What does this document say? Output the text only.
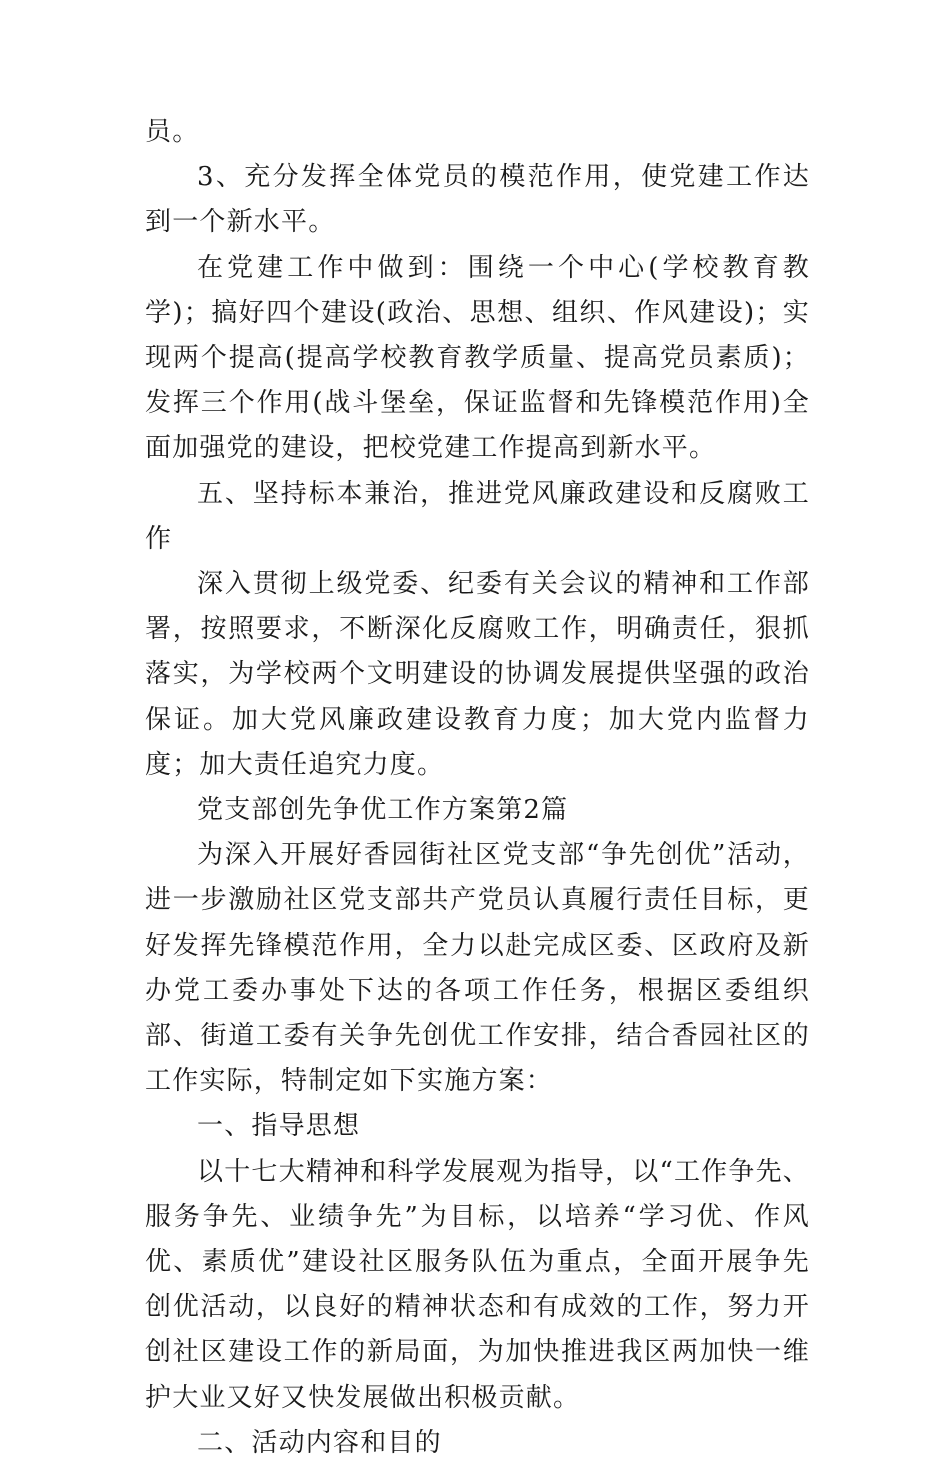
员。

3、充分发挥全体党员的模范作用，使党建工作达到一个新水平。

在党建工作中做到：围绕一个中心(学校教育教学)；搞好四个建设(政治、思想、组织、作风建设)；实现两个提高(提高学校教育教学质量、提高党员素质)；发挥三个作用(战斗堡垒，保证监督和先锋模范作用)全面加强党的建设，把校党建工作提高到新水平。

五、坚持标本兼治，推进党风廉政建设和反腐败工作

深入贯彻上级党委、纪委有关会议的精神和工作部署，按照要求，不断深化反腐败工作，明确责任，狠抓落实，为学校两个文明建设的协调发展提供坚强的政治保证。加大党风廉政建设教育力度；加大党内监督力度；加大责任追究力度。

党支部创先争优工作方案第2篇

为深入开展好香园街社区党支部“争先创优”活动，进一步激励社区党支部共产党员认真履行责任目标，更好发挥先锋模范作用，全力以赴完成区委、区政府及新办党工委办事处下达的各项工作任务，根据区委组织部、街道工委有关争先创优工作安排，结合香园社区的工作实际，特制定如下实施方案：

一、指导思想

以十七大精神和科学发展观为指导，以“工作争先、服务争先、业绩争先”为目标，以培养“学习优、作风优、素质优”建设社区服务队伍为重点，全面开展争先创优活动，以良好的精神状态和有成效的工作，努力开创社区建设工作的新局面，为加快推进我区两加快一维护大业又好又快发展做出积极贡献。

二、活动内容和目的
